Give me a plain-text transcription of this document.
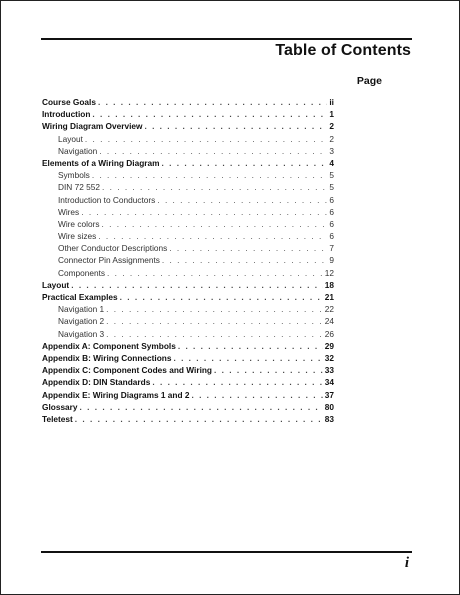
Table of Contents
Page
Course Goals . . .	ii
Introduction . . .	1
Wiring Diagram Overview . . .	2
Layout . . .	2
Navigation . . .	3
Elements of a Wiring Diagram . . .	4
Symbols . . .	5
DIN 72 552 . . .	5
Introduction to Conductors . . .	6
Wires . . .	6
Wire colors . . .	6
Wire sizes . . .	6
Other Conductor Descriptions . . .	7
Connector Pin Assignments . . .	9
Components . . .	12
Layout . . .	18
Practical Examples . . .	21
Navigation 1 . . .	22
Navigation 2 . . .	24
Navigation 3 . . .	26
Appendix A: Component Symbols . . .	29
Appendix B: Wiring Connections . . .	32
Appendix C: Component Codes and Wiring . . .	33
Appendix D: DIN Standards . . .	34
Appendix E: Wiring Diagrams 1 and 2 . . .	37
Glossary . . .	80
Teletest . . .	83
i
